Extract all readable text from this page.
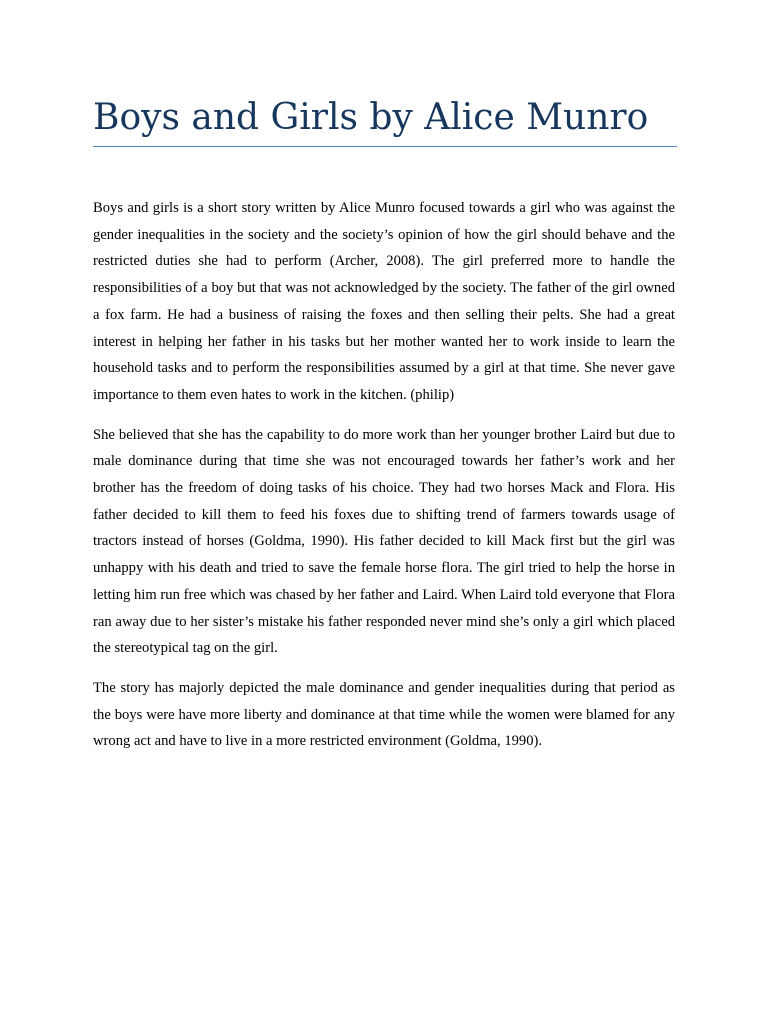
Boys and Girls by Alice Munro

Boys and girls is a short story written by Alice Munro focused towards a girl who was against the gender inequalities in the society and the society’s opinion of how the girl should behave and the restricted duties she had to perform (Archer, 2008). The girl preferred more to handle the responsibilities of a boy but that was not acknowledged by the society. The father of the girl owned a fox farm. He had a business of raising the foxes and then selling their pelts. She had a great interest in helping her father in his tasks but her mother wanted her to work inside to learn the household tasks and to perform the responsibilities assumed by a girl at that time. She never gave importance to them even hates to work in the kitchen. (philip)

She believed that she has the capability to do more work than her younger brother Laird but due to male dominance during that time she was not encouraged towards her father’s work and her brother has the freedom of doing tasks of his choice. They had two horses Mack and Flora. His father decided to kill them to feed his foxes due to shifting trend of farmers towards usage of tractors instead of horses (Goldma, 1990). His father decided to kill Mack first but the girl was unhappy with his death and tried to save the female horse flora. The girl tried to help the horse in letting him run free which was chased by her father and Laird. When Laird told everyone that Flora ran away due to her sister’s mistake his father responded never mind she’s only a girl which placed the stereotypical tag on the girl.

The story has majorly depicted the male dominance and gender inequalities during that period as the boys were have more liberty and dominance at that time while the women were blamed for any wrong act and have to live in a more restricted environment (Goldma, 1990).
